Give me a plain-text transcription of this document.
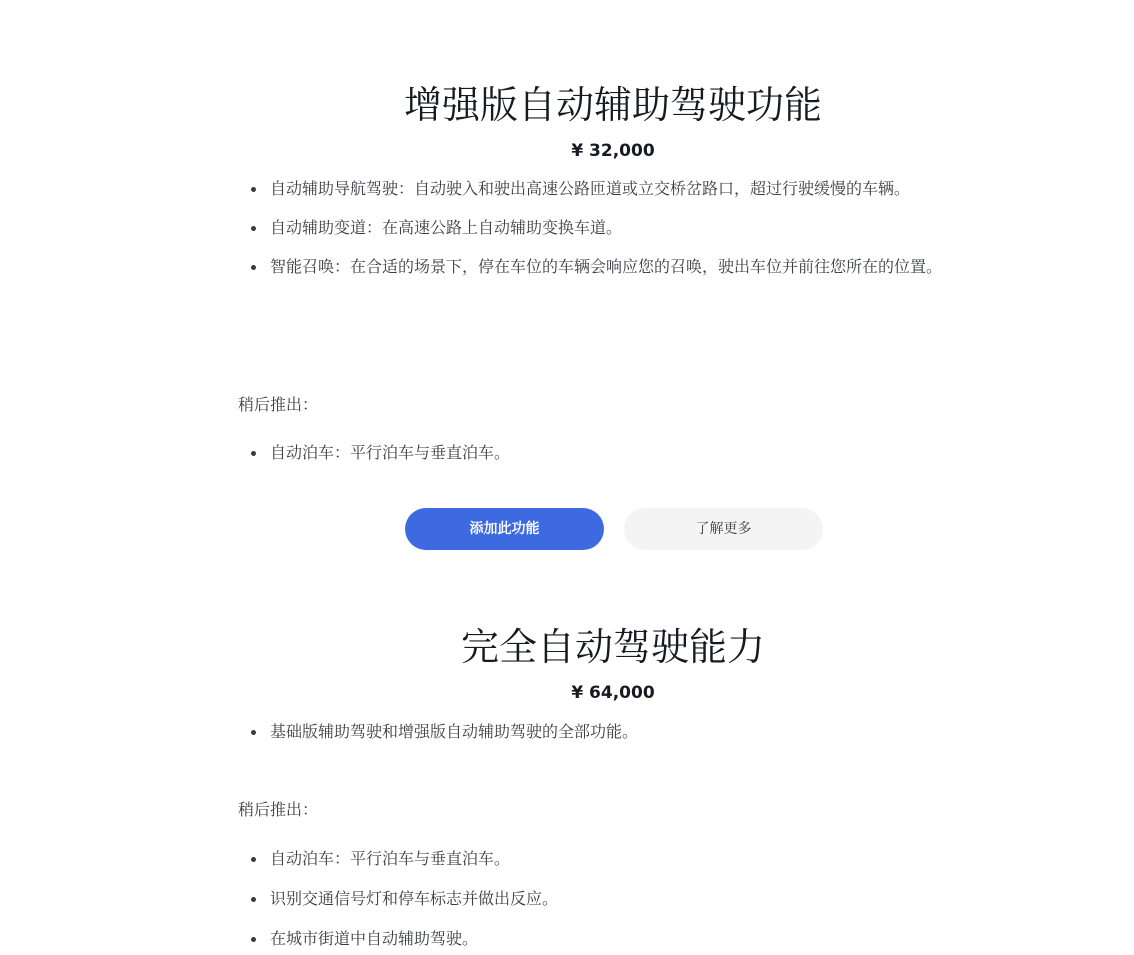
增强版自动辅助驾驶功能
¥ 32,000
自动辅助导航驾驶：自动驶入和驶出高速公路匝道或立交桥岔路口，超过行驶缓慢的车辆。
自动辅助变道：在高速公路上自动辅助变换车道。
智能召唤：在合适的场景下，停在车位的车辆会响应您的召唤，驶出车位并前往您所在的位置。
稍后推出：
自动泊车：平行泊车与垂直泊车。
添加此功能	了解更多
完全自动驾驶能力
¥ 64,000
基础版辅助驾驶和增强版自动辅助驾驶的全部功能。
稍后推出：
自动泊车：平行泊车与垂直泊车。
识别交通信号灯和停车标志并做出反应。
在城市街道中自动辅助驾驶。
